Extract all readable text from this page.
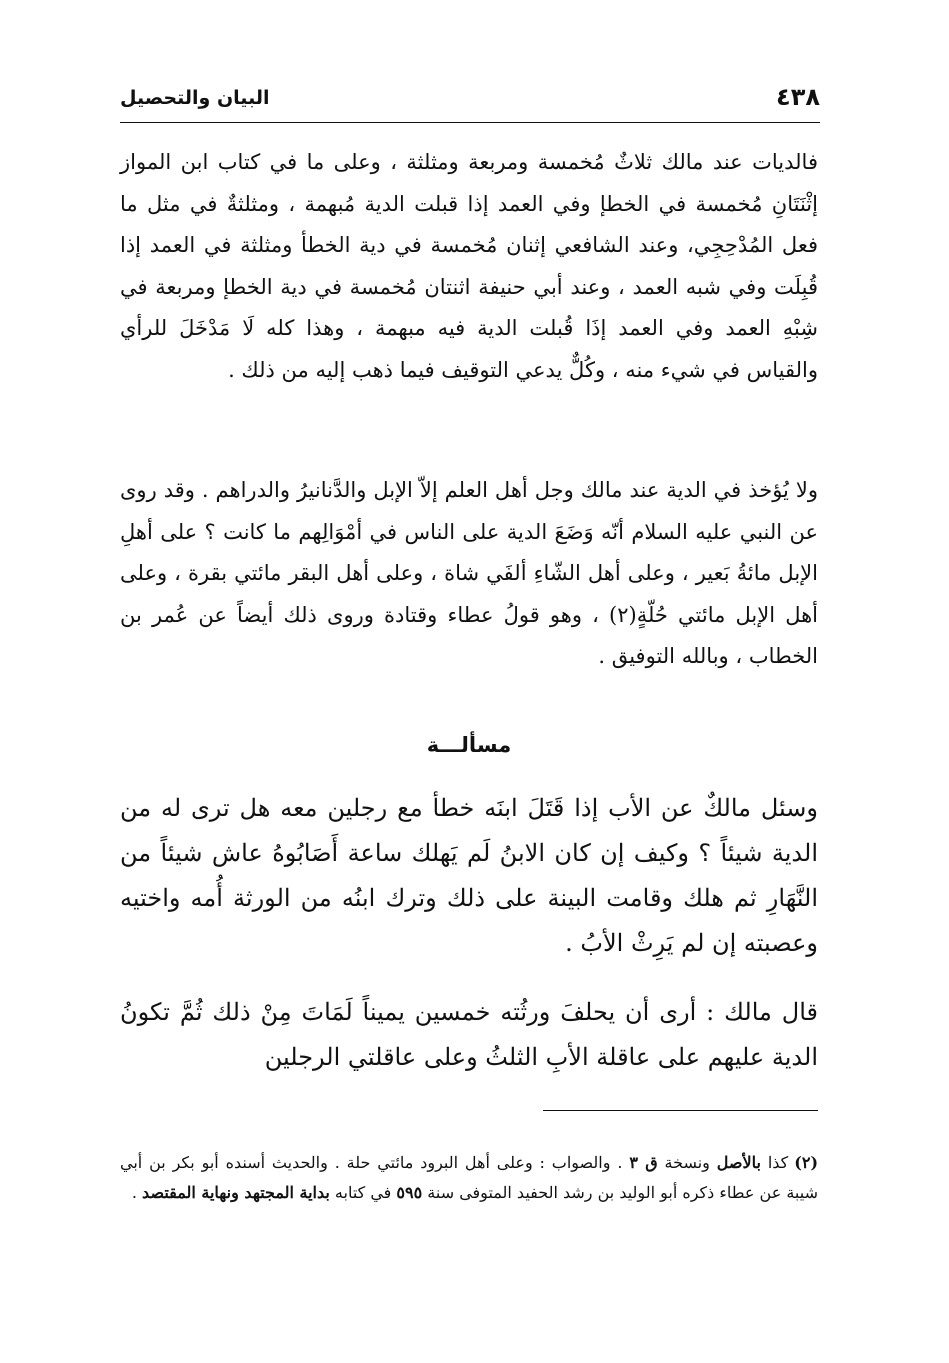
٤٣٨
البيان والتحصيل

فالديات عند مالك ثلاثٌ مُخمسة ومربعة ومثلثة ، وعلى ما في كتاب ابن المواز إثْنَتَانِ مُخمسة في الخطإ وفي العمد إذا قبلت الدية مُبهمة ، ومثلثةٌ في مثل ما فعل المُدْحِجِي، وعند الشافعي إثنان مُخمسة في دية الخطأ ومثلثة في العمد إذا قُبِلَت وفي شبه العمد ، وعند أبي حنيفة اثنتان مُخمسة في دية الخطإ ومربعة في شِبْهِ العمد وفي العمد إذَا قُبلت الدية فيه مبهمة ، وهذا كله لَا مَدْخَلَ للرأي والقياس في شيء منه ، وكُلٌّ يدعي التوقيف فيما ذهب إليه من ذلك .

ولا يُؤخذ في الدية عند مالك وجل أهل العلم إلاّ الإبل والدَّنانيرُ والدراهم . وقد روى عن النبي عليه السلام أنّه وَضَعَ الدية على الناس في أمْوَالِهم ما كانت ؟ على أهلِ الإبل مائةُ بَعير ، وعلى أهل الشّاءِ ألفَي شاة ، وعلى أهل البقر مائتي بقرة ، وعلى أهل الإبل مائتي حُلّةٍ(٢) ، وهو قولُ عطاء وقتادة وروى ذلك أيضاً عن عُمر بن الخطاب ، وبالله التوفيق .

مسألـــة

وسئل مالكٌ عن الأب إذا قَتَلَ ابنَه خطأ مع رجلين معه هل ترى له من الدية شيئاً ؟ وكيف إن كان الابنُ لَم يَهلك ساعة أَصَابُوهُ عاش شيئاً من النَّهَارِ ثم هلك وقامت البينة على ذلك وترك ابنُه من الورثة أُمه واختيه وعصبته إن لم يَرِثْ الأبُ .

قال مالك : أرى أن يحلفَ ورثُته خمسين يميناً لَمَاتَ مِنْ ذلك ثُمَّ تكونُ الدية عليهم على عاقلة الأبِ الثلثُ وعلى عاقلتي الرجلين

(٢)كذا بالأصل ونسخة ق ٣ . والصواب : وعلى أهل البرود مائتي حلة . والحديث أسنده أبو بكر بن أبي شيبة عن عطاء ذكره أبو الوليد بن رشد الحفيد المتوفى سنة ٥٩٥ في كتابه بداية المجتهد ونهاية المقتصد .
